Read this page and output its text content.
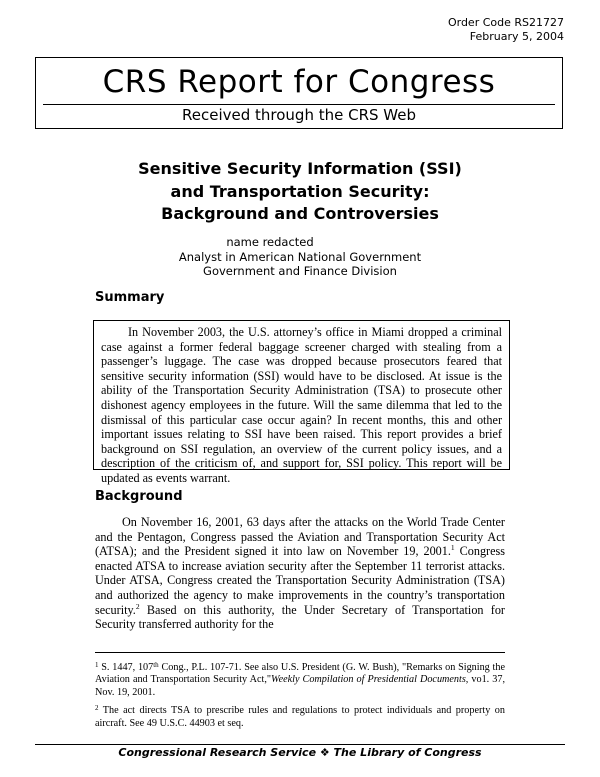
Order Code RS21727
February 5, 2004
CRS Report for Congress
Received through the CRS Web
Sensitive Security Information (SSI)
and Transportation Security:
Background and Controversies
name redacted
Analyst in American National Government
Government and Finance Division
Summary

In November 2003, the U.S. attorney’s office in Miami dropped a criminal case against a former federal baggage screener charged with stealing from a passenger’s luggage. The case was dropped because prosecutors feared that sensitive security information (SSI) would have to be disclosed. At issue is the ability of the Transportation Security Administration (TSA) to prosecute other dishonest agency employees in the future. Will the same dilemma that led to the dismissal of this particular case occur again? In recent months, this and other important issues relating to SSI have been raised. This report provides a brief background on SSI regulation, an overview of the current policy issues, and a description of the criticism of, and support for, SSI policy. This report will be updated as events warrant.

Background

On November 16, 2001, 63 days after the attacks on the World Trade Center and the Pentagon, Congress passed the Aviation and Transportation Security Act (ATSA); and the President signed it into law on November 19, 2001.$^1$ Congress enacted ATSA to increase aviation security after the September 11 terrorist attacks. Under ATSA, Congress created the Transportation Security Administration (TSA) and authorized the agency to make improvements in the country’s transportation security.$^2$ Based on this authority, the Under Secretary of Transportation for Security transferred authority for the

$^1$ S. 1447, 107th Cong., P.L. 107-71. See also U.S. President (G. W. Bush), "Remarks on Signing the Aviation and Transportation Security Act,"Weekly Compilation of Presidential Documents, vo1. 37, Nov. 19, 2001.

$^2$ The act directs TSA to prescribe rules and regulations to protect individuals and property on aircraft. See 49 U.S.C. 44903 et seq.

Congressional Research Service ❖ The Library of Congress
